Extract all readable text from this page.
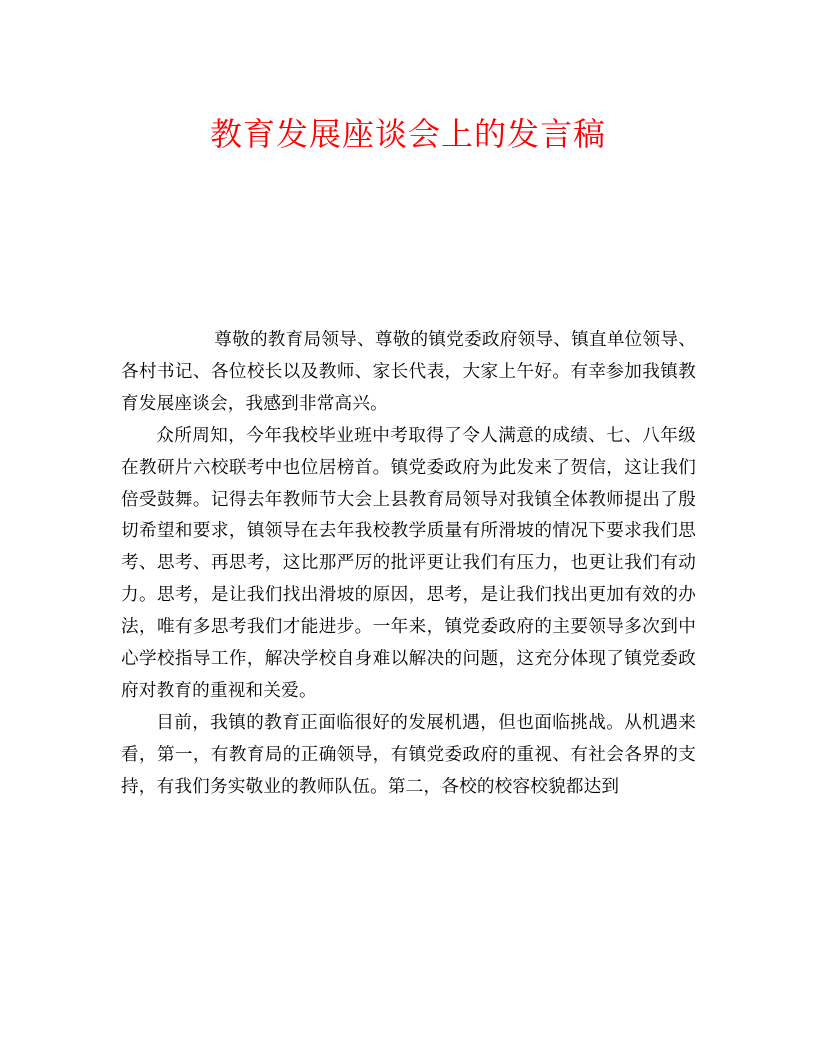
教育发展座谈会上的发言稿

尊敬的教育局领导、尊敬的镇党委政府领导、镇直单位领导、各村书记、各位校长以及教师、家长代表，大家上午好。有幸参加我镇教育发展座谈会，我感到非常高兴。

众所周知，今年我校毕业班中考取得了令人满意的成绩、七、八年级在教研片六校联考中也位居榜首。镇党委政府为此发来了贺信，这让我们倍受鼓舞。记得去年教师节大会上县教育局领导对我镇全体教师提出了殷切希望和要求，镇领导在去年我校教学质量有所滑坡的情况下要求我们思考、思考、再思考，这比那严厉的批评更让我们有压力，也更让我们有动力。思考，是让我们找出滑坡的原因，思考，是让我们找出更加有效的办法，唯有多思考我们才能进步。一年来，镇党委政府的主要领导多次到中心学校指导工作，解决学校自身难以解决的问题，这充分体现了镇党委政府对教育的重视和关爱。

目前，我镇的教育正面临很好的发展机遇，但也面临挑战。从机遇来看，第一，有教育局的正确领导，有镇党委政府的重视、有社会各界的支持，有我们务实敬业的教师队伍。第二，各校的校容校貌都达到
